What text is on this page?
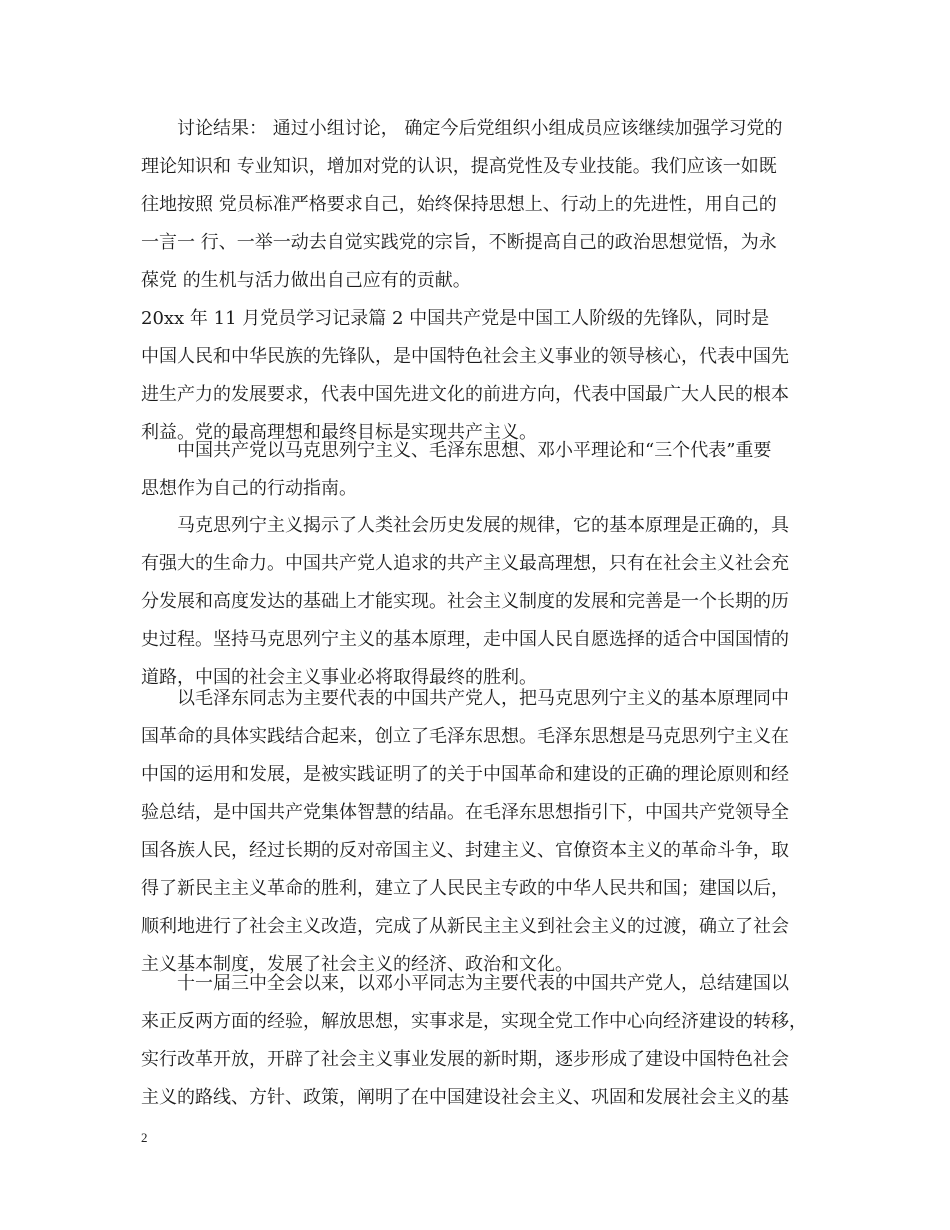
讨论结果： 通过小组讨论， 确定今后党组织小组成员应该继续加强学习党的
理论知识和 专业知识，增加对党的认识，提高党性及专业技能。我们应该一如既
往地按照 党员标准严格要求自己，始终保持思想上、行动上的先进性，用自己的
一言一 行、一举一动去自觉实践党的宗旨，不断提高自己的政治思想觉悟，为永
葆党 的生机与活力做出自己应有的贡献。
20xx 年 11 月党员学习记录篇 2 中国共产党是中国工人阶级的先锋队，同时是
中国人民和中华民族的先锋队，是中国特色社会主义事业的领导核心，代表中国先
进生产力的发展要求，代表中国先进文化的前进方向，代表中国最广大人民的根本
利益。党的最高理想和最终目标是实现共产主义。
中国共产党以马克思列宁主义、毛泽东思想、邓小平理论和“三个代表”重要
思想作为自己的行动指南。
马克思列宁主义揭示了人类社会历史发展的规律，它的基本原理是正确的，具
有强大的生命力。中国共产党人追求的共产主义最高理想，只有在社会主义社会充
分发展和高度发达的基础上才能实现。社会主义制度的发展和完善是一个长期的历
史过程。坚持马克思列宁主义的基本原理，走中国人民自愿选择的适合中国国情的
道路，中国的社会主义事业必将取得最终的胜利。
以毛泽东同志为主要代表的中国共产党人，把马克思列宁主义的基本原理同中
国革命的具体实践结合起来，创立了毛泽东思想。毛泽东思想是马克思列宁主义在
中国的运用和发展，是被实践证明了的关于中国革命和建设的正确的理论原则和经
验总结，是中国共产党集体智慧的结晶。在毛泽东思想指引下，中国共产党领导全
国各族人民，经过长期的反对帝国主义、封建主义、官僚资本主义的革命斗争，取
得了新民主主义革命的胜利，建立了人民民主专政的中华人民共和国；建国以后，
顺利地进行了社会主义改造，完成了从新民主主义到社会主义的过渡，确立了社会
主义基本制度，发展了社会主义的经济、政治和文化。
十一届三中全会以来，以邓小平同志为主要代表的中国共产党人，总结建国以
来正反两方面的经验，解放思想，实事求是，实现全党工作中心向经济建设的转移，
实行改革开放，开辟了社会主义事业发展的新时期，逐步形成了建设中国特色社会
主义的路线、方针、政策，阐明了在中国建设社会主义、巩固和发展社会主义的基
2
